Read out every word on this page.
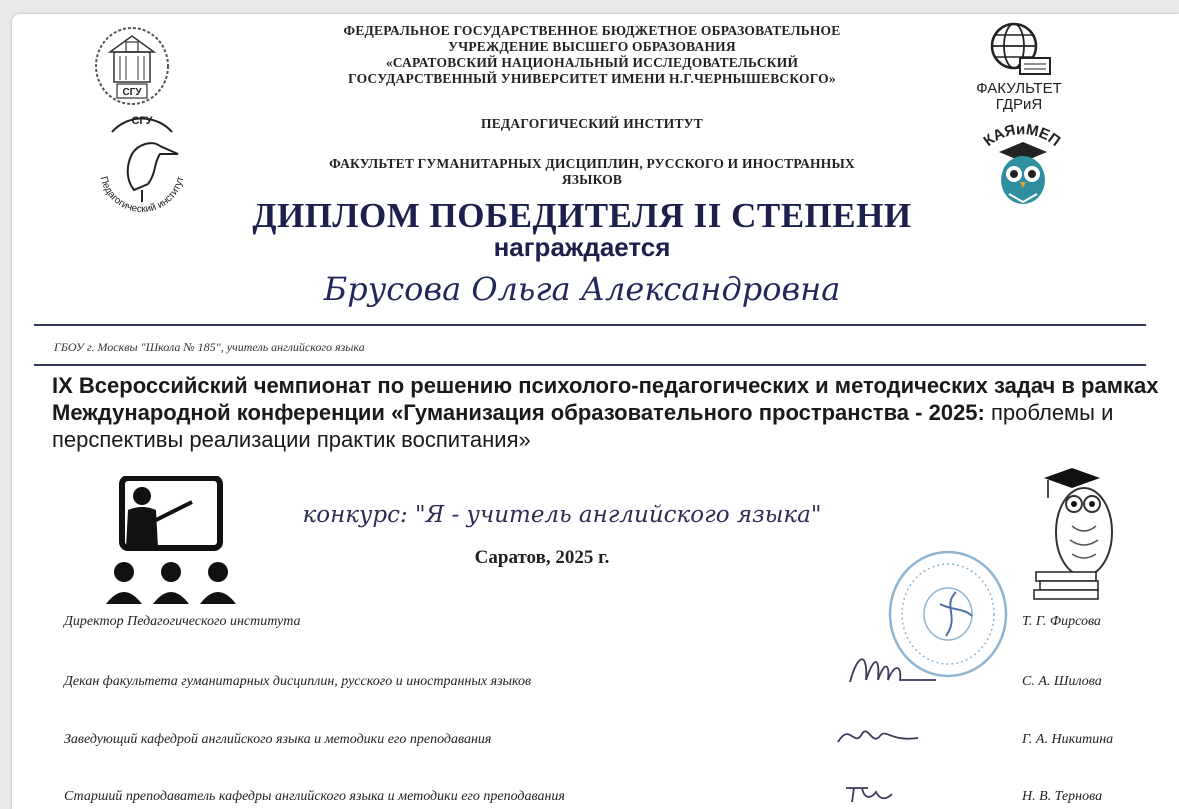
СГУ
СГУ
Педагогический институт
ФЕДЕРАЛЬНОЕ ГОСУДАРСТВЕННОЕ БЮДЖЕТНОЕ ОБРАЗОВАТЕЛЬНОЕ
УЧРЕЖДЕНИЕ ВЫСШЕГО ОБРАЗОВАНИЯ
«САРАТОВСКИЙ НАЦИОНАЛЬНЫЙ ИССЛЕДОВАТЕЛЬСКИЙ
ГОСУДАРСТВЕННЫЙ УНИВЕРСИТЕТ ИМЕНИ Н.Г.ЧЕРНЫШЕВСКОГО»
ПЕДАГОГИЧЕСКИЙ ИНСТИТУТ
ФАКУЛЬТЕТ ГУМАНИТАРНЫХ ДИСЦИПЛИН, РУССКОГО И ИНОСТРАННЫХ
ЯЗЫКОВ
ФАКУЛЬТЕТ
ГДРиЯ
КАЯиМЕП
ДИПЛОМ ПОБЕДИТЕЛЯ II СТЕПЕНИ
награждается
Брусова Ольга Александровна
ГБОУ г. Москвы "Школа № 185", учитель английского языка
IX Всероссийский чемпионат по решению психолого-педагогических и методических задач в рамках Международной конференции «Гуманизация образовательного пространства - 2025: проблемы и перспективы реализации практик воспитания»
конкурс: "Я - учитель английского языка"
Саратов, 2025 г.
Директор Педагогического института	Т. Г. Фирсова
Декан факультета гуманитарных дисциплин, русского и иностранных языков	С. А. Шилова
Заведующий кафедрой английского языка и методики его преподавания	Г. А. Никитина
Старший преподаватель кафедры английского языка и методики его преподавания	Н. В. Тернова
